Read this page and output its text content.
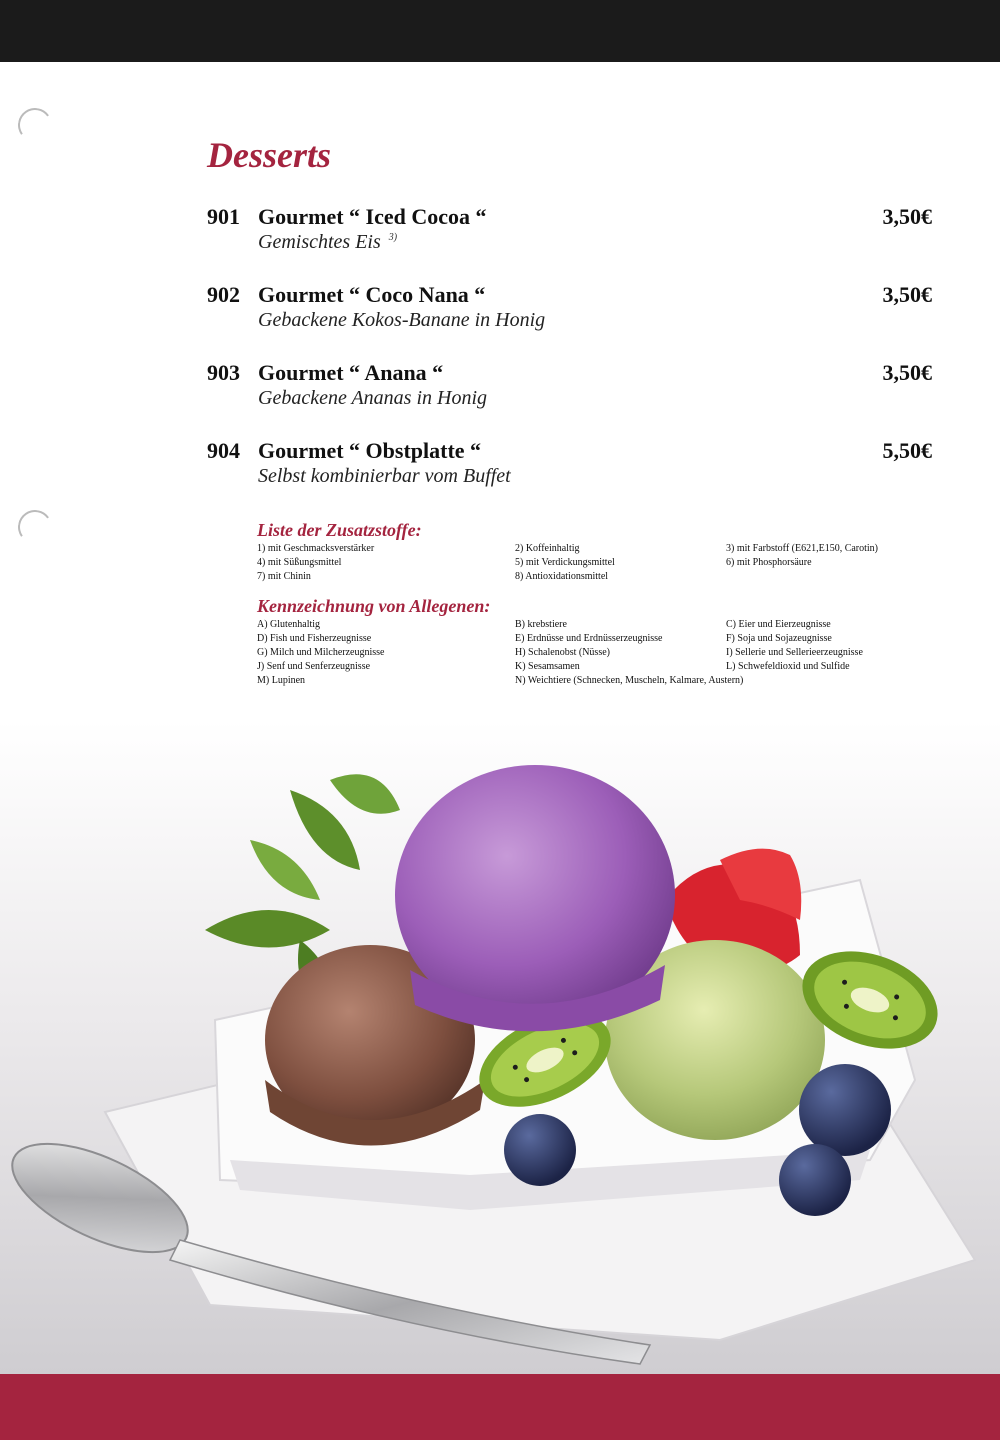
Desserts
901 Gourmet “ Iced Cocoa “	3,50€
Gemischtes Eis $^{3)}$
902 Gourmet “ Coco Nana “	3,50€
Gebackene Kokos-Banane in Honig
903 Gourmet “ Anana “	3,50€
Gebackene Ananas in Honig
904 Gourmet “ Obstplatte “	5,50€
Selbst kombinierbar vom Buffet
Liste der Zusatzstoffe:
1) mit Geschmacksverstärker	2) Koffeinhaltig	3) mit Farbstoff (E621,E150, Carotin)
4) mit Süßungsmittel	5) mit Verdickungsmittel	6) mit Phosphorsäure
7) mit Chinin	8) Antioxidationsmittel
Kennzeichnung von Allegenen:
A) Glutenhaltig	B) krebstiere	C) Eier und Eierzeugnisse
D) Fish und Fisherzeugnisse	E) Erdnüsse und Erdnüsserzeugnisse	F) Soja und Sojazeugnisse
G) Milch und Milcherzeugnisse	H) Schalenobst (Nüsse)	I) Sellerie und Sellerieerzeugnisse
J) Senf und Senferzeugnisse	K) Sesamsamen	L) Schwefeldioxid und Sulfide
M) Lupinen	N) Weichtiere (Schnecken, Muscheln, Kalmare, Austern)
